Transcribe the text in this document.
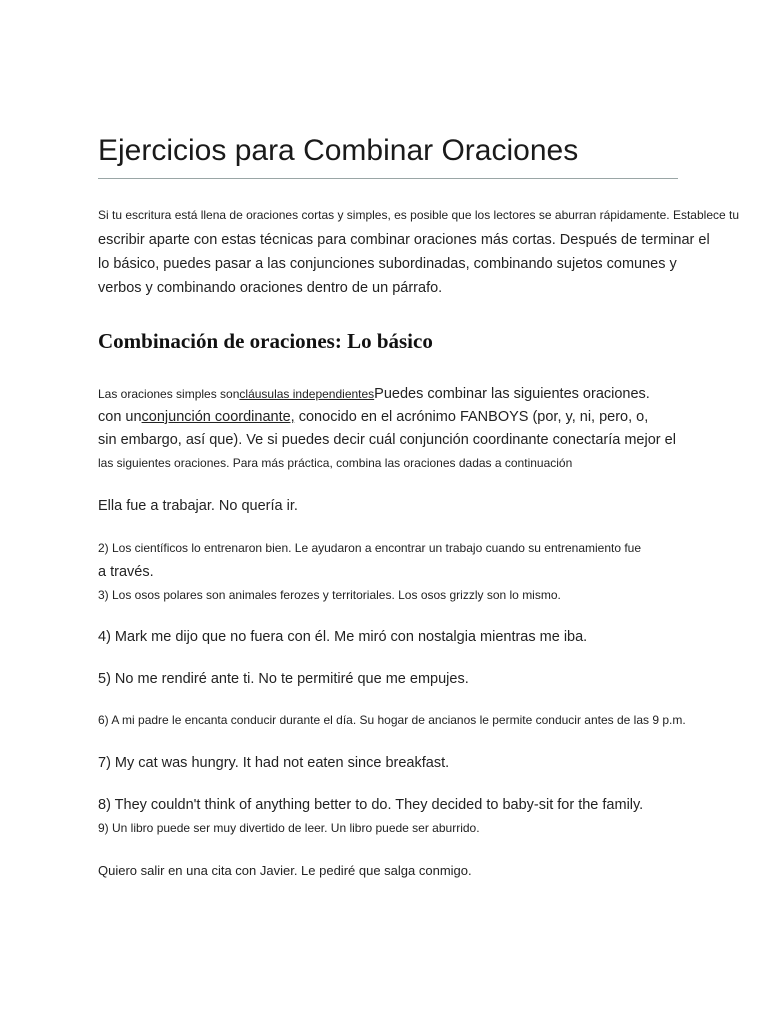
Ejercicios para Combinar Oraciones
Si tu escritura está llena de oraciones cortas y simples, es posible que los lectores se aburran rápidamente. Establece tu
escribir aparte con estas técnicas para combinar oraciones más cortas. Después de terminar el
lo básico, puedes pasar a las conjunciones subordinadas, combinando sujetos comunes y
verbos y combinando oraciones dentro de un párrafo.
Combinación de oraciones: Lo básico
Las oraciones simples soncláusulas independientesPuedes combinar las siguientes oraciones.
con unconjunción coordinante, conocido en el acrónimo FANBOYS (por, y, ni, pero, o,
sin embargo, así que). Ve si puedes decir cuál conjunción coordinante conectaría mejor el
las siguientes oraciones. Para más práctica, combina las oraciones dadas a continuación
Ella fue a trabajar. No quería ir.
2) Los científicos lo entrenaron bien. Le ayudaron a encontrar un trabajo cuando su entrenamiento fue
a través.
3) Los osos polares son animales ferozes y territoriales. Los osos grizzly son lo mismo.
4) Mark me dijo que no fuera con él. Me miró con nostalgia mientras me iba.
5) No me rendiré ante ti. No te permitiré que me empujes.
6) A mi padre le encanta conducir durante el día. Su hogar de ancianos le permite conducir antes de las 9 p.m.
7) My cat was hungry. It had not eaten since breakfast.
8) They couldn't think of anything better to do. They decided to baby-sit for the family.
9) Un libro puede ser muy divertido de leer. Un libro puede ser aburrido.
Quiero salir en una cita con Javier. Le pediré que salga conmigo.
